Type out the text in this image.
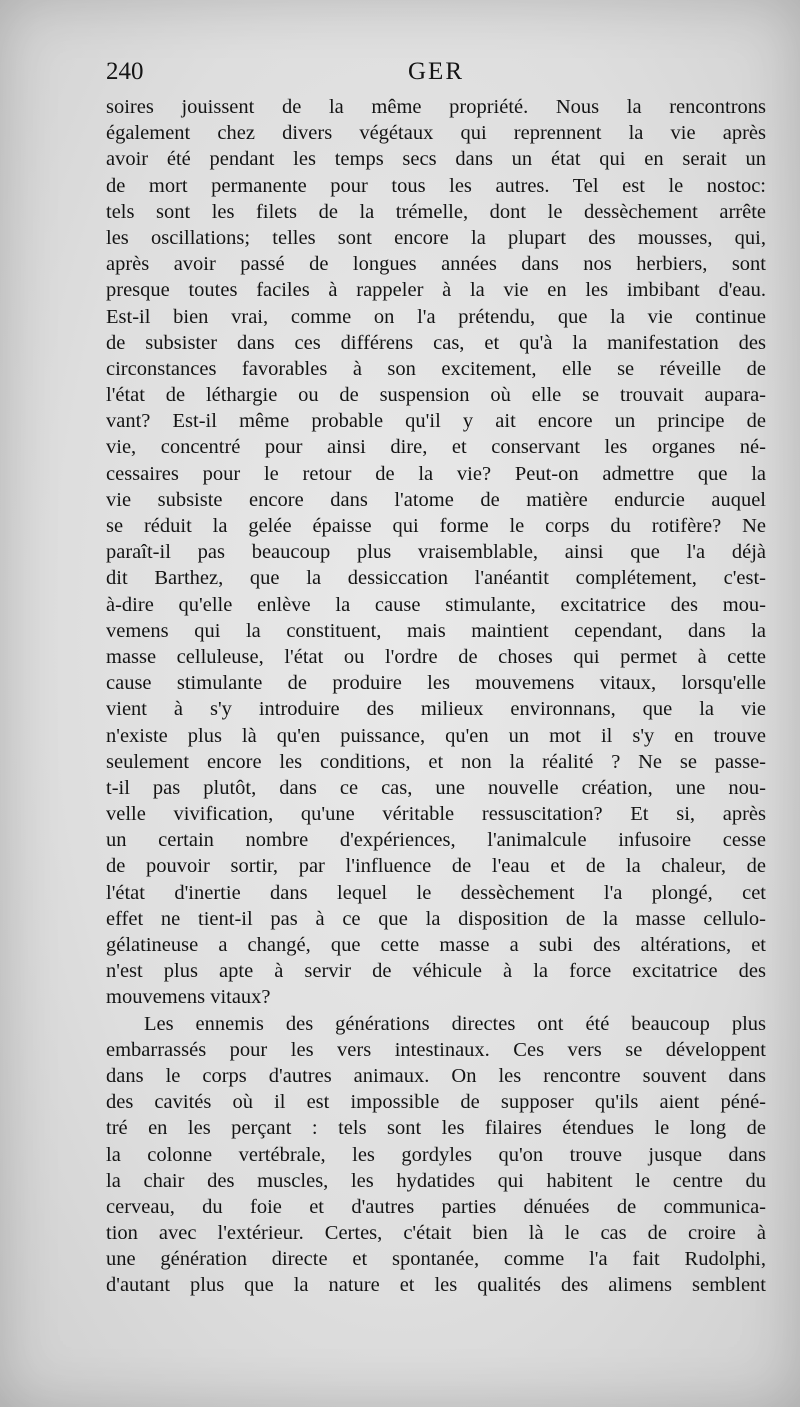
240	GER
soires jouissent de la même propriété. Nous la rencontrons
également chez divers végétaux qui reprennent la vie après
avoir été pendant les temps secs dans un état qui en serait un
de mort permanente pour tous les autres. Tel est le nostoc:
tels sont les filets de la trémelle, dont le dessèchement arrête
les oscillations; telles sont encore la plupart des mousses, qui,
après avoir passé de longues années dans nos herbiers, sont
presque toutes faciles à rappeler à la vie en les imbibant d'eau.
Est-il bien vrai, comme on l'a prétendu, que la vie continue
de subsister dans ces différens cas, et qu'à la manifestation des
circonstances favorables à son excitement, elle se réveille de
l'état de léthargie ou de suspension où elle se trouvait aupara-
vant? Est-il même probable qu'il y ait encore un principe de
vie, concentré pour ainsi dire, et conservant les organes né-
cessaires pour le retour de la vie? Peut-on admettre que la
vie subsiste encore dans l'atome de matière endurcie auquel
se réduit la gelée épaisse qui forme le corps du rotifère? Ne
paraît-il pas beaucoup plus vraisemblable, ainsi que l'a déjà
dit Barthez, que la dessiccation l'anéantit complétement, c'est-
à-dire qu'elle enlève la cause stimulante, excitatrice des mou-
vemens qui la constituent, mais maintient cependant, dans la
masse celluleuse, l'état ou l'ordre de choses qui permet à cette
cause stimulante de produire les mouvemens vitaux, lorsqu'elle
vient à s'y introduire des milieux environnans, que la vie
n'existe plus là qu'en puissance, qu'en un mot il s'y en trouve
seulement encore les conditions, et non la réalité ? Ne se passe-
t-il pas plutôt, dans ce cas, une nouvelle création, une nou-
velle vivification, qu'une véritable ressuscitation? Et si, après
un certain nombre d'expériences, l'animalcule infusoire cesse
de pouvoir sortir, par l'influence de l'eau et de la chaleur, de
l'état d'inertie dans lequel le dessèchement l'a plongé, cet
effet ne tient-il pas à ce que la disposition de la masse cellulo-
gélatineuse a changé, que cette masse a subi des altérations, et
n'est plus apte à servir de véhicule à la force excitatrice des
mouvemens vitaux?
Les ennemis des générations directes ont été beaucoup plus
embarrassés pour les vers intestinaux. Ces vers se développent
dans le corps d'autres animaux. On les rencontre souvent dans
des cavités où il est impossible de supposer qu'ils aient péné-
tré en les perçant : tels sont les filaires étendues le long de
la colonne vertébrale, les gordyles qu'on trouve jusque dans
la chair des muscles, les hydatides qui habitent le centre du
cerveau, du foie et d'autres parties dénuées de communica-
tion avec l'extérieur. Certes, c'était bien là le cas de croire à
une génération directe et spontanée, comme l'a fait Rudolphi,
d'autant plus que la nature et les qualités des alimens semblent
